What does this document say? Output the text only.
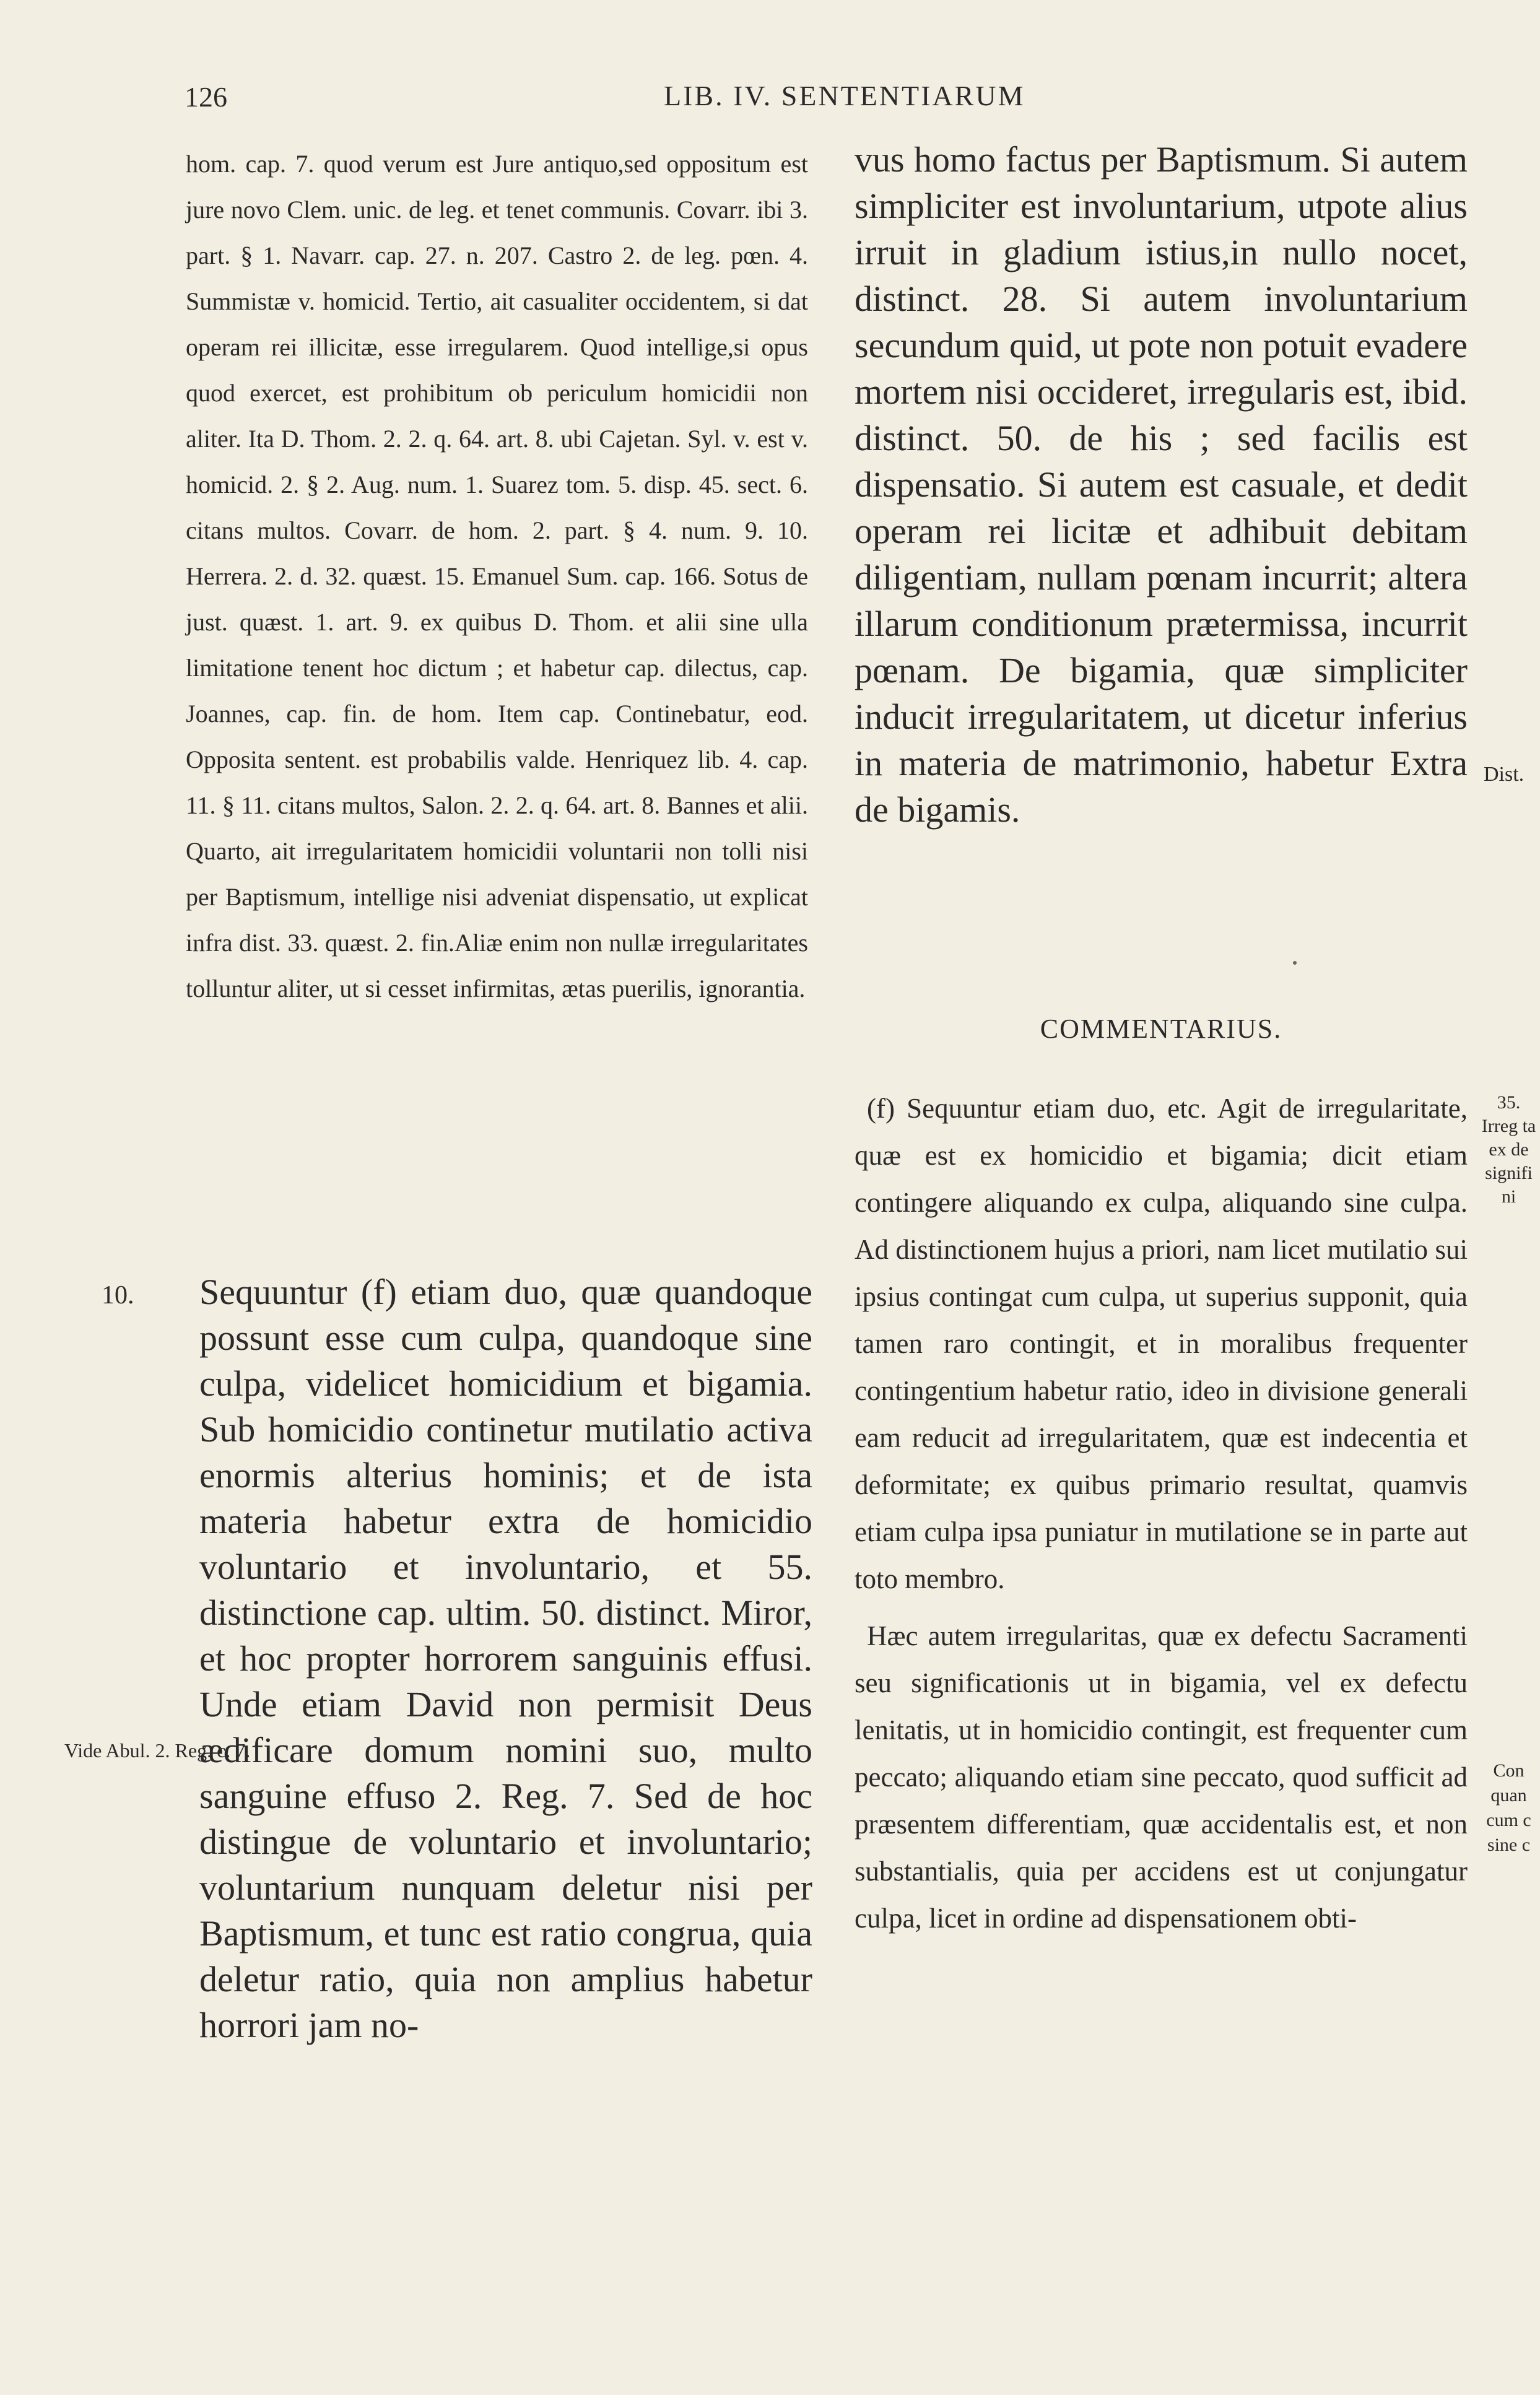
126	LIB. IV. SENTENTIARUM
hom. cap. 7. quod verum est Jure antiquo,sed oppositum est jure novo Clem. unic. de leg. et tenet communis. Covarr. ibi 3. part. § 1. Navarr. cap. 27. n. 207. Castro 2. de leg. pœn. 4. Summistæ v. homicid. Tertio, ait casualiter occidentem, si dat operam rei illicitæ, esse irregularem. Quod intellige,si opus quod exercet, est prohibitum ob periculum homicidii non aliter. Ita D. Thom. 2. 2. q. 64. art. 8. ubi Cajetan. Syl. v. est v. homicid. 2. § 2. Aug. num. 1. Suarez tom. 5. disp. 45. sect. 6. citans multos. Covarr. de hom. 2. part. § 4. num. 9. 10. Herrera. 2. d. 32. quæst. 15. Emanuel Sum. cap. 166. Sotus de just. quæst. 1. art. 9. ex quibus D. Thom. et alii sine ulla limitatione tenent hoc dictum ; et habetur cap. dilectus, cap. Joannes, cap. fin. de hom. Item cap. Continebatur, eod. Opposita sentent. est probabilis valde. Henriquez lib. 4. cap. 11. § 11. citans multos, Salon. 2. 2. q. 64. art. 8. Bannes et alii. Quarto, ait irregularitatem homicidii voluntarii non tolli nisi per Baptismum, intellige nisi adveniat dispensatio, ut explicat infra dist. 33. quæst. 2. fin.Aliæ enim non nullæ irregularitates tolluntur aliter, ut si cesset infirmitas, ætas puerilis, ignorantia.
10. Sequuntur (f) etiam duo, quæ quandoque possunt esse cum culpa, quandoque sine culpa, videlicet homicidium et bigamia. Sub homicidio continetur mutilatio activa enormis alterius hominis; et de ista materia habetur extra de homicidio voluntario et involuntario, et 55. distinctione cap. ultim. 50. distinct. Miror, et hoc propter horrorem sanguinis effusi. Unde etiam David non permisit Deus ædificare domum nomini suo, multo sanguine effuso 2. Reg. 7. Sed de hoc distingue de voluntario et involuntario; voluntarium nunquam deletur nisi per Baptismum, et tunc est ratio congrua, quia deletur ratio, quia non amplius habetur horrori jam no-
Vide Abul. 2. Reg. c. 7.
vus homo factus per Baptismum. Si autem simpliciter est involuntarium, utpote alius irruit in gladium istius,in nullo nocet, distinct. 28. Si autem involuntarium secundum quid, ut pote non potuit evadere mortem nisi occideret, irregularis est, ibid. distinct. 50. de his ; sed facilis est dispensatio. Si autem est casuale, et dedit operam rei licitæ et adhibuit debitam diligentiam, nullam pœnam incurrit; altera illarum conditionum prætermissa, incurrit pœnam. De bigamia, quæ simpliciter inducit irregularitatem, ut dicetur inferius in materia de matrimonio, habetur Extra de bigamis.
COMMENTARIUS.

(f) Sequuntur etiam duo, etc. Agit de irregularitate, quæ est ex homicidio et bigamia; dicit etiam contingere aliquando ex culpa, aliquando sine culpa. Ad distinctionem hujus a priori, nam licet mutilatio sui ipsius contingat cum culpa, ut superius supponit, quia tamen raro contingit, et in moralibus frequenter contingentium habetur ratio, ideo in divisione generali eam reducit ad irregularitatem, quæ est indecentia et deformitate; ex quibus primario resultat, quamvis etiam culpa ipsa puniatur in mutilatione se in parte aut toto membro.

Hæc autem irregularitas, quæ ex defectu Sacramenti seu significationis ut in bigamia, vel ex defectu lenitatis, ut in homicidio contingit, est frequenter cum peccato; aliquando etiam sine peccato, quod sufficit ad præsentem differentiam, quæ accidentalis est, et non substantialis, quia per accidens est ut conjungatur culpa, licet in ordine ad dispensationem obti-

Dist.
35. Irreg ta ex de signifi ni
Con quan cum c sine c
